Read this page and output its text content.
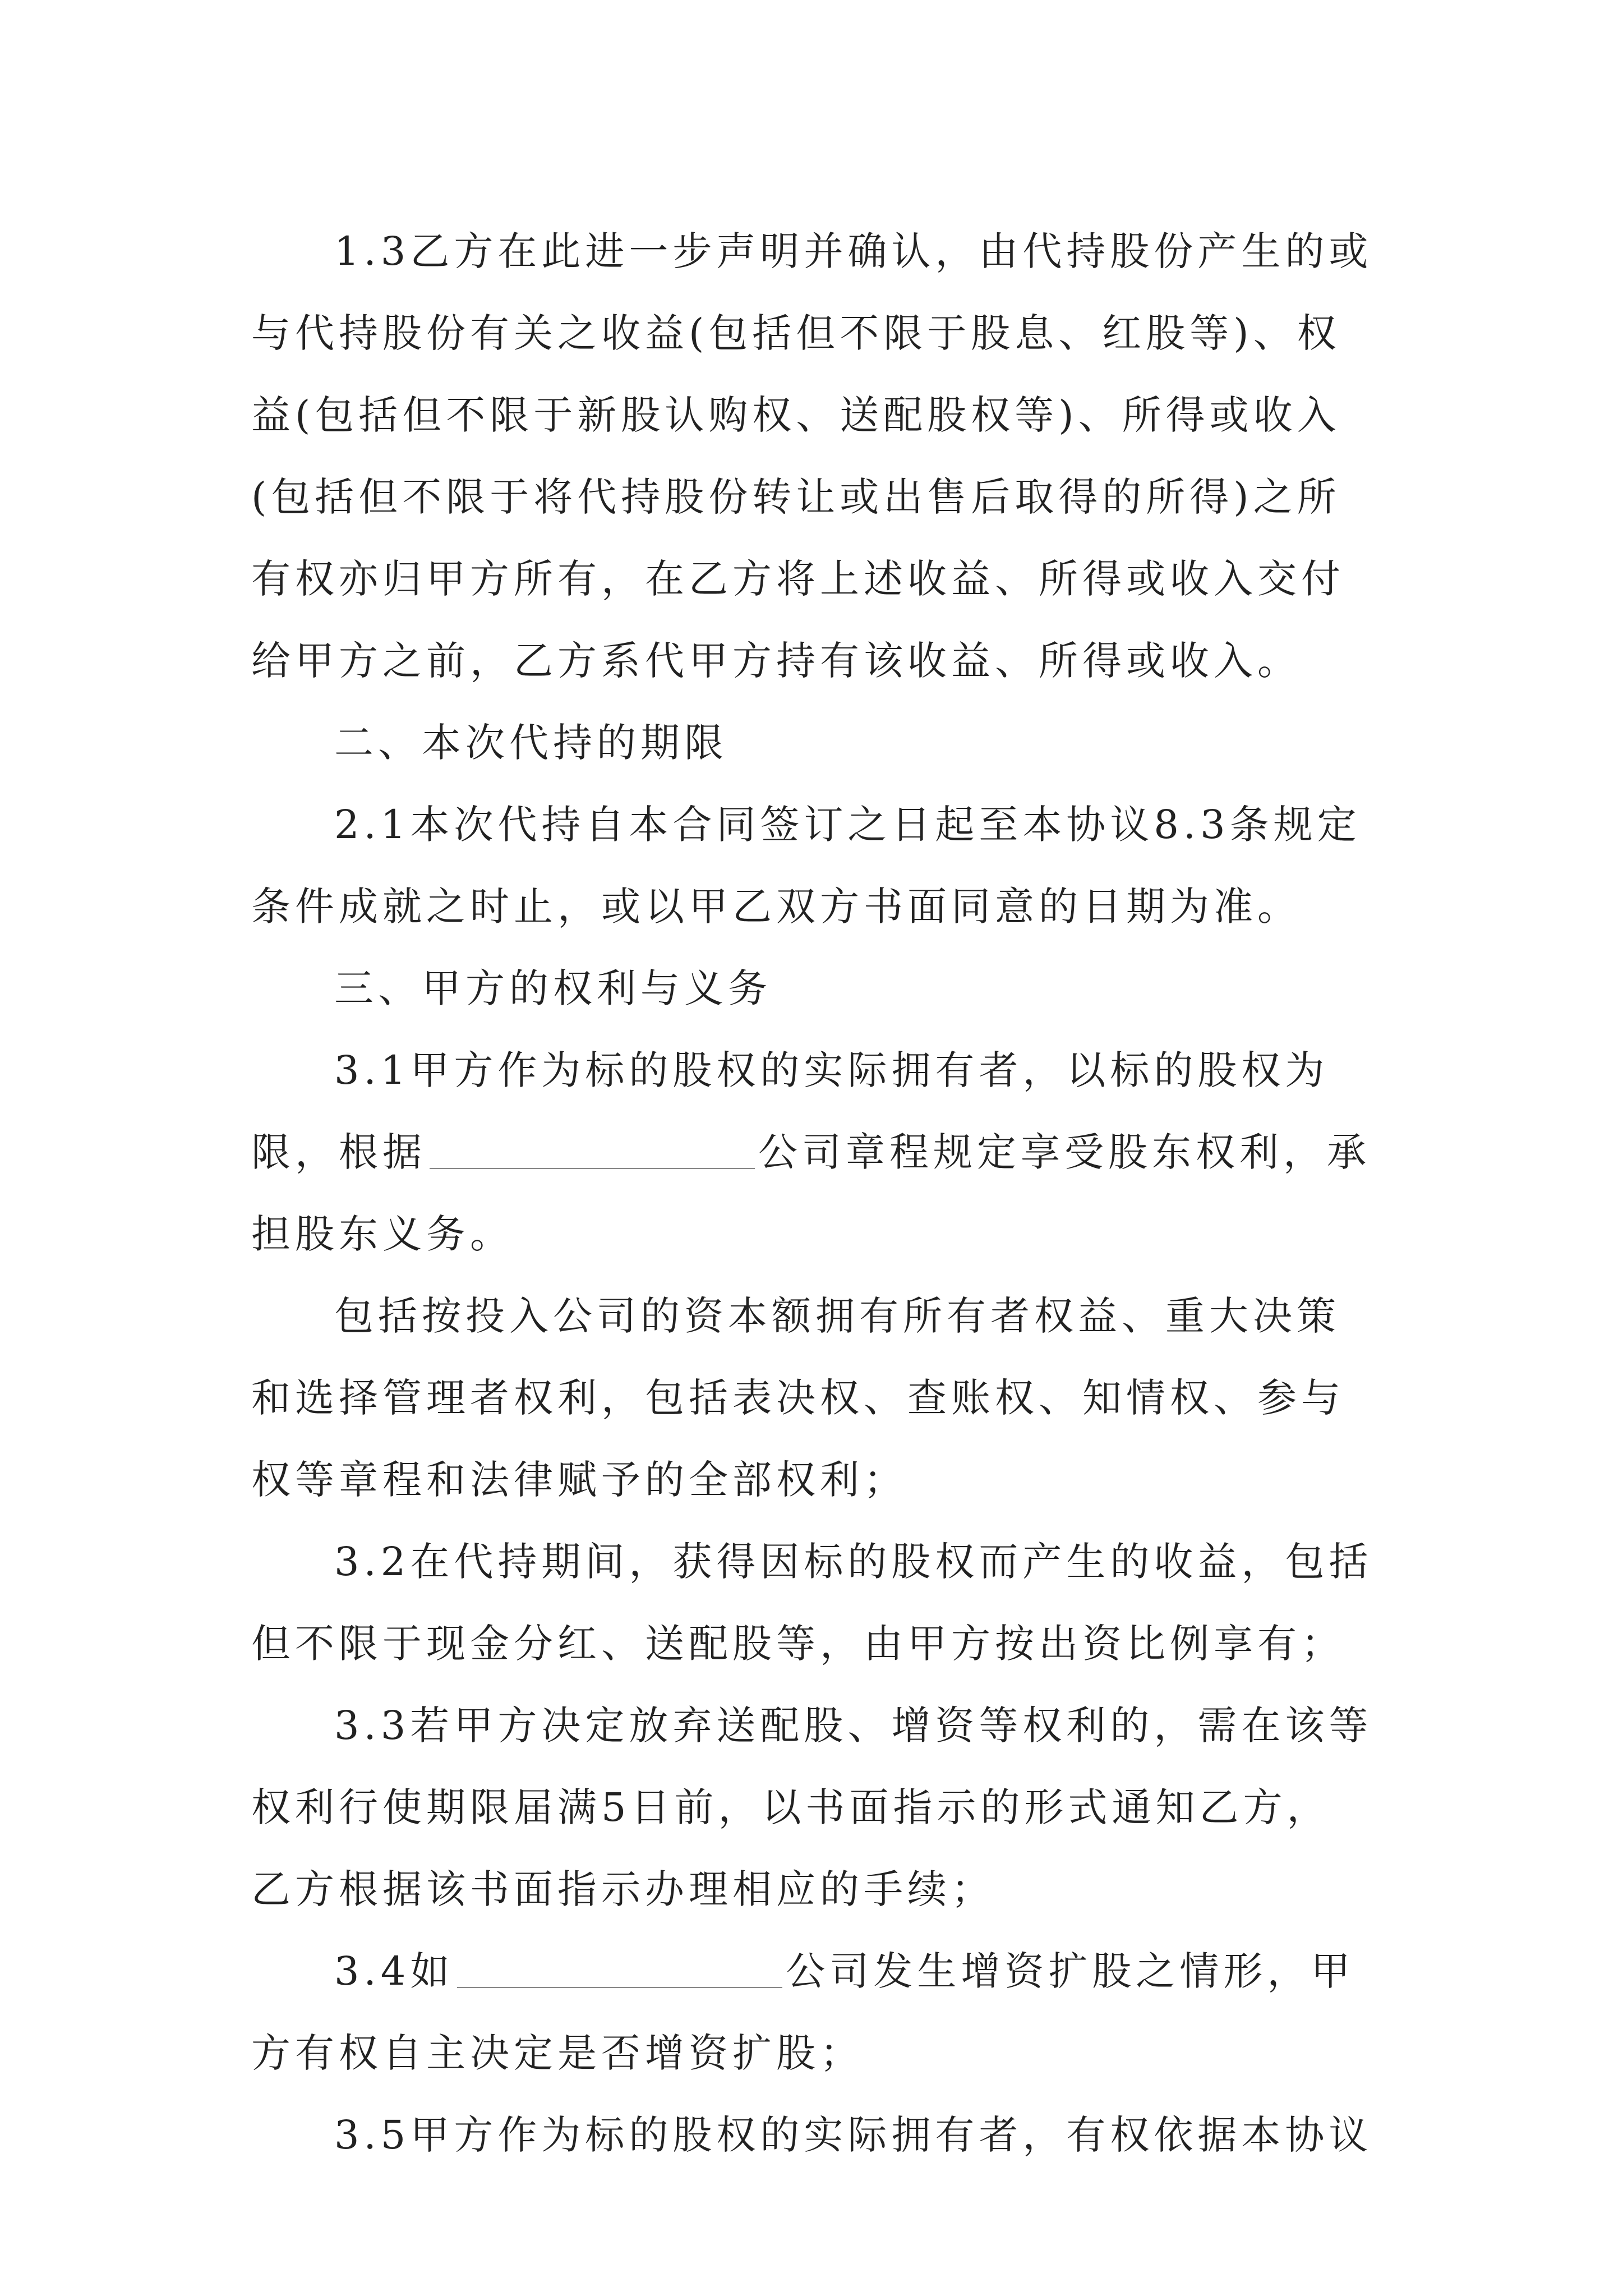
1.3乙方在此进一步声明并确认，由代持股份产生的或与代持股份有关之收益(包括但不限于股息、红股等)、权益(包括但不限于新股认购权、送配股权等)、所得或收入(包括但不限于将代持股份转让或出售后取得的所得)之所有权亦归甲方所有，在乙方将上述收益、所得或收入交付给甲方之前，乙方系代甲方持有该收益、所得或收入。

二、本次代持的期限

2.1本次代持自本合同签订之日起至本协议8.3条规定条件成就之时止，或以甲乙双方书面同意的日期为准。

三、甲方的权利与义务

3.1甲方作为标的股权的实际拥有者，以标的股权为限，根据	公司章程规定享受股东权利，承担股东义务。

包括按投入公司的资本额拥有所有者权益、重大决策和选择管理者权利，包括表决权、查账权、知情权、参与权等章程和法律赋予的全部权利；

3.2在代持期间，获得因标的股权而产生的收益，包括但不限于现金分红、送配股等，由甲方按出资比例享有；

3.3若甲方决定放弃送配股、增资等权利的，需在该等权利行使期限届满5日前，以书面指示的形式通知乙方，乙方根据该书面指示办理相应的手续；

3.4如	公司发生增资扩股之情形，甲方有权自主决定是否增资扩股；

3.5甲方作为标的股权的实际拥有者，有权依据本协议
